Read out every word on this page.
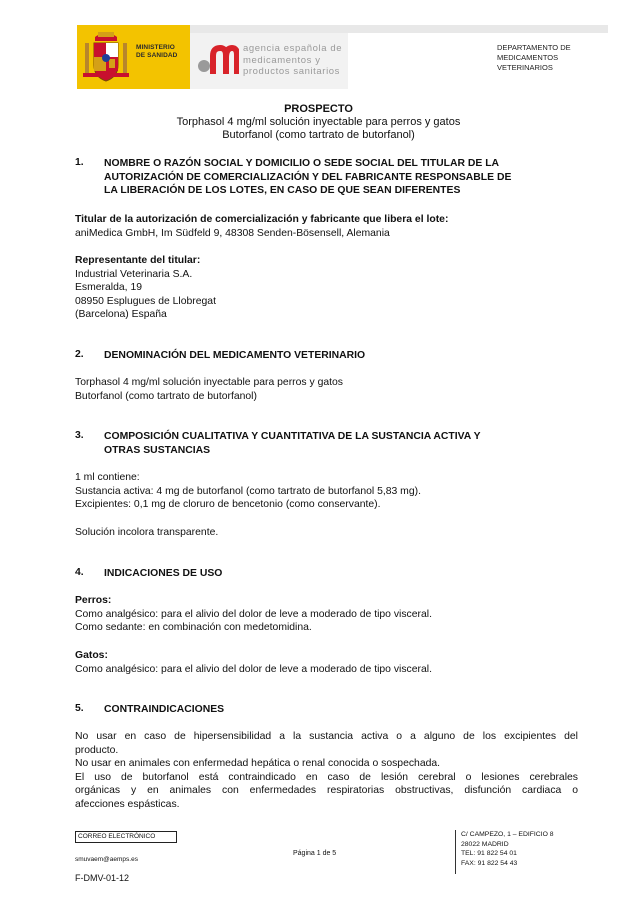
MINISTERIO
DE SANIDAD
agencia española de
medicamentos y
productos sanitarios
DEPARTAMENTO DE
MEDICAMENTOS
VETERINARIOS
PROSPECTO
Torphasol 4 mg/ml solución inyectable para perros y gatos
Butorfanol (como tartrato de butorfanol)
1. NOMBRE O RAZÓN SOCIAL Y DOMICILIO O SEDE SOCIAL DEL TITULAR DE LA
AUTORIZACIÓN DE COMERCIALIZACIÓN Y DEL FABRICANTE RESPONSABLE DE
LA LIBERACIÓN DE LOS LOTES, EN CASO DE QUE SEAN DIFERENTES
Titular de la autorización de comercialización y fabricante que libera el lote:
aniMedica GmbH, Im Südfeld 9, 48308 Senden-Bösensell, Alemania
Representante del titular:
Industrial Veterinaria S.A.
Esmeralda, 19
08950 Esplugues de Llobregat
(Barcelona) España
2. DENOMINACIÓN DEL MEDICAMENTO VETERINARIO
Torphasol 4 mg/ml solución inyectable para perros y gatos
Butorfanol (como tartrato de butorfanol)
3. COMPOSICIÓN CUALITATIVA Y CUANTITATIVA DE LA SUSTANCIA ACTIVA Y
OTRAS SUSTANCIAS
1 ml contiene:
Sustancia activa: 4 mg de butorfanol (como tartrato de butorfanol 5,83 mg).
Excipientes: 0,1 mg de cloruro de bencetonio (como conservante).
Solución incolora transparente.
4. INDICACIONES DE USO
Perros:
Como analgésico: para el alivio del dolor de leve a moderado de tipo visceral.
Como sedante: en combinación con medetomidina.
Gatos:
Como analgésico: para el alivio del dolor de leve a moderado de tipo visceral.
5. CONTRAINDICACIONES
No usar en caso de hipersensibilidad a la sustancia activa o a alguno de los excipientes del
producto.
No usar en animales con enfermedad hepática o renal conocida o sospechada.
El uso de butorfanol está contraindicado en caso de lesión cerebral o lesiones cerebrales
orgánicas y en animales con enfermedades respiratorias obstructivas, disfunción cardiaca o
afecciones espásticas.
CORREO ELECTRÓNICO
smuvaem@aemps.es
Página 1 de 5
C/ CAMPEZO, 1 – EDIFICIO 8
28022 MADRID
TEL: 91 822 54 01
FAX: 91 822 54 43
F-DMV-01-12
